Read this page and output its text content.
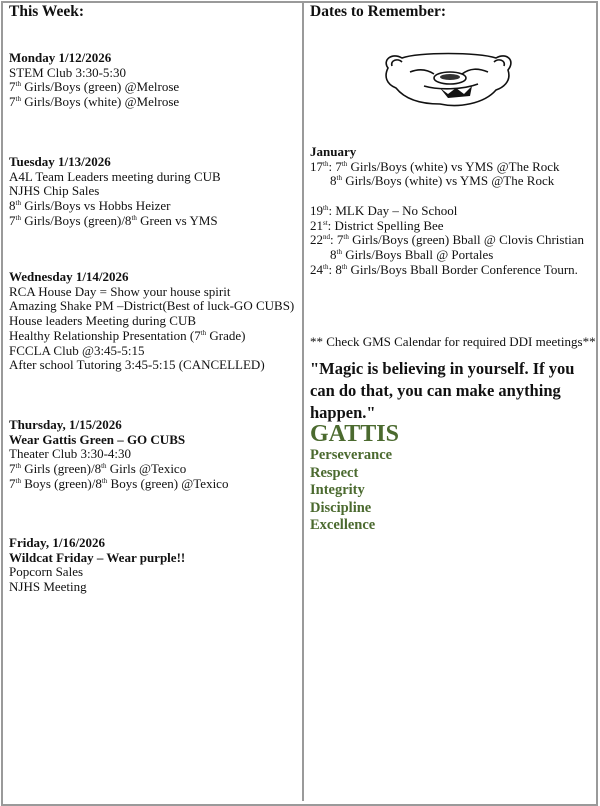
This Week:
Monday 1/12/2026
STEM Club 3:30-5:30
7th Girls/Boys (green) @Melrose
7th Girls/Boys (white) @Melrose
Tuesday 1/13/2026
A4L Team Leaders meeting during CUB
NJHS Chip Sales
8th Girls/Boys vs Hobbs Heizer
7th Girls/Boys (green)/8th Green vs YMS
Wednesday 1/14/2026
RCA House Day = Show your house spirit
Amazing Shake PM –District(Best of luck-GO CUBS)
House leaders Meeting during CUB
Healthy Relationship Presentation (7th Grade)
FCCLA Club @3:45-5:15
After school Tutoring 3:45-5:15 (CANCELLED)
Thursday, 1/15/2026
Wear Gattis Green – GO CUBS
Theater Club 3:30-4:30
7th Girls (green)/8th Girls @Texico
7th Boys (green)/8th Boys (green) @Texico
Friday, 1/16/2026
Wildcat Friday – Wear purple!!
Popcorn Sales
NJHS Meeting
Dates to Remember:
January
17th: 7th Girls/Boys (white) vs YMS @The Rock
8th Girls/Boys (white) vs YMS @The Rock
19th: MLK Day – No School
21st: District Spelling Bee
22nd: 7th Girls/Boys (green) Bball @ Clovis Christian
8th Girls/Boys Bball @ Portales
24th: 8th Girls/Boys Bball Border Conference Tourn.
** Check GMS Calendar for required DDI meetings**
"Magic is believing in yourself. If you can do that, you can make anything happen."
GATTIS
Perseverance
Respect
Integrity
Discipline
Excellence
